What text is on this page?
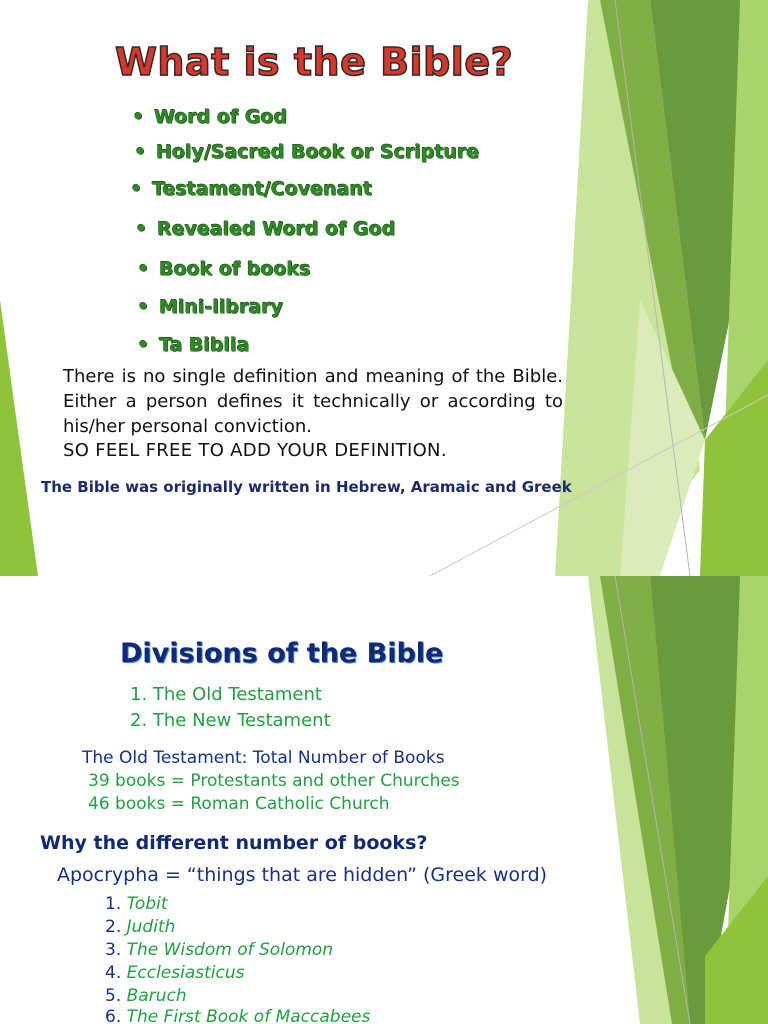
What is the Bible?
• Word of God
• Holy/Sacred Book or Scripture
• Testament/Covenant
• Revealed Word of God
• Book of books
• Mini-library
• Ta Biblia

There is no single definition and meaning of the Bible. Either a person defines it technically or according to his/her personal conviction.

SO FEEL FREE TO ADD YOUR DEFINITION.

The Bible was originally written in Hebrew, Aramaic and Greek

Divisions of the Bible

1. The Old Testament

2. The New Testament

The Old Testament: Total Number of Books

39 books = Protestants and other Churches

46 books = Roman Catholic Church

Why the different number of books?

Apocrypha = “things that are hidden” (Greek word)

1. Tobit
2. Judith
3. The Wisdom of Solomon
4. Ecclesiasticus
5. Baruch
6. The First Book of Maccabees
